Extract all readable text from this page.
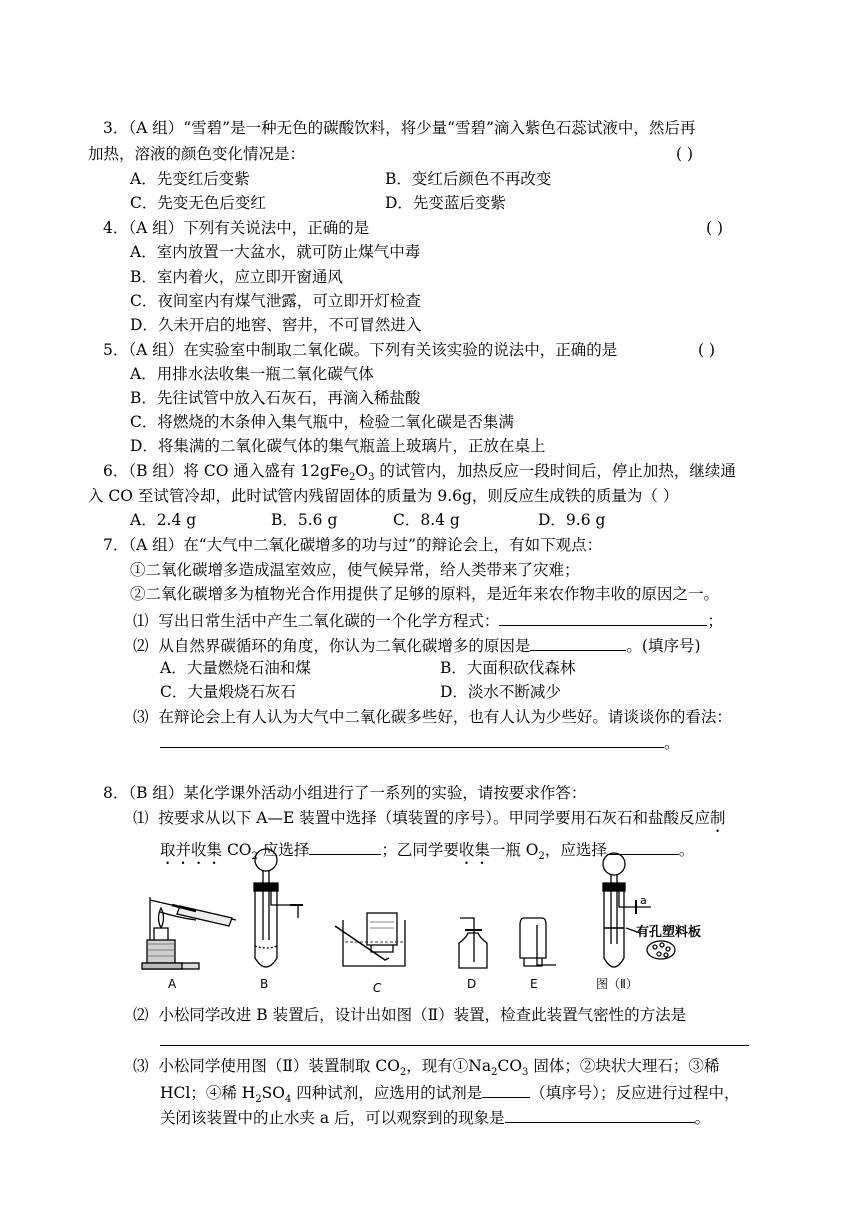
3．（A 组）“雪碧”是一种无色的碳酸饮料，将少量“雪碧”滴入紫色石蕊试液中，然后再
加热，溶液的颜色变化情况是：	( )
A．先变红后变紫	B．变红后颜色不再改变
C．先变无色后变红	D．先变蓝后变紫
4．（A 组）下列有关说法中，正确的是	( )
A．室内放置一大盆水，就可防止煤气中毒
B．室内着火，应立即开窗通风
C．夜间室内有煤气泄露，可立即开灯检查
D．久未开启的地窖、窖井，不可冒然进入
5．（A 组）在实验室中制取二氧化碳。下列有关该实验的说法中，正确的是	( )
A．用排水法收集一瓶二氧化碳气体
B．先往试管中放入石灰石，再滴入稀盐酸
C．将燃烧的木条伸入集气瓶中，检验二氧化碳是否集满
D．将集满的二氧化碳气体的集气瓶盖上玻璃片，正放在桌上
6．（B 组）将 CO 通入盛有 $12gFe_2O_3$ 的试管内，加热反应一段时间后，停止加热，继续通
入 CO 至试管冷却，此时试管内残留固体的质量为 9.6g，则反应生成铁的质量为（ ）
A．2.4 g	B．5.6 g	C．8.4 g	D．9.6 g
7．（A 组）在“大气中二氧化碳增多的功与过”的辩论会上，有如下观点：
①二氧化碳增多造成温室效应，使气候异常，给人类带来了灾难；
②二氧化碳增多为植物光合作用提供了足够的原料，是近年来农作物丰收的原因之一。
⑴ 写出日常生活中产生二氧化碳的一个化学方程式：	；
⑵ 从自然界碳循环的角度，你认为二氧化碳增多的原因是	。(填序号)
A．大量燃烧石油和煤	B．大面积砍伐森林
C．大量煅烧石灰石	D．淡水不断减少
⑶ 在辩论会上有人认为大气中二氧化碳多些好，也有人认为少些好。请谈谈你的看法：
。
8．（B 组）某化学课外活动小组进行了一系列的实验，请按要求作答：
⑴ 按要求从以下 A—E 装置中选择（填装置的序号）。甲同学要用石灰石和盐酸反应制
取并收集 $CO_2$ 应选择	；乙同学要收集一瓶 $O_2$，应选择	。
A	B	C	D	E	图（Ⅱ）
a
有孔塑料板
⑵ 小松同学改进 B 装置后，设计出如图（Ⅱ）装置，检查此装置气密性的方法是
⑶ 小松同学使用图（Ⅱ）装置制取 $CO_2$，现有$①Na_2CO_3$ 固体；②块状大理石；③稀
HCl；④稀 $H_2SO_4$ 四种试剂，应选用的试剂是	（填序号）；反应进行过程中，
关闭该装置中的止水夹 a 后，可以观察到的现象是	。
